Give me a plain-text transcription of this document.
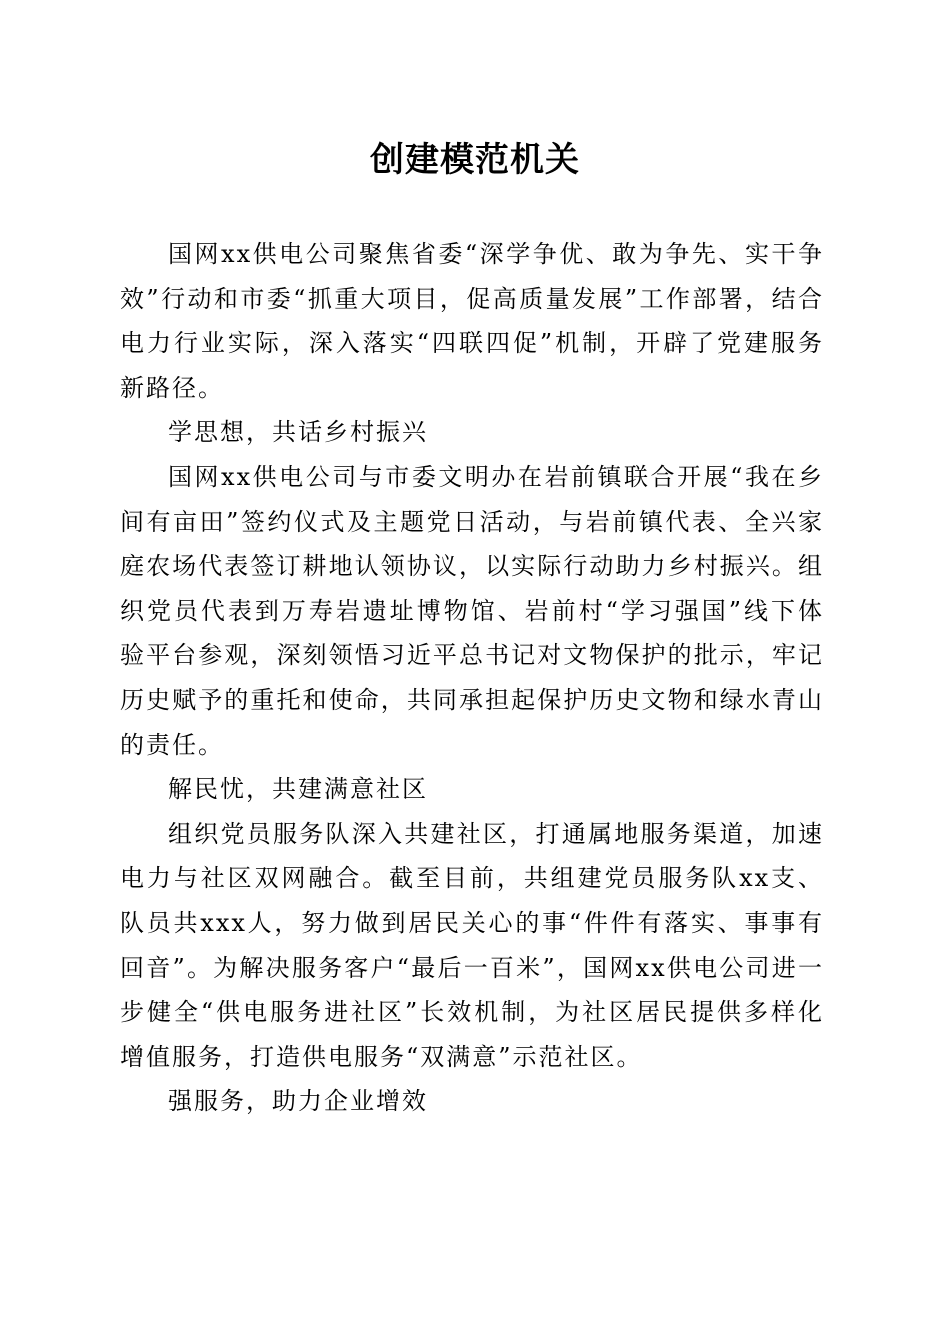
创建模范机关

国网xx供电公司聚焦省委“深学争优、敢为争先、实干争效”行动和市委“抓重大项目，促高质量发展”工作部署，结合电力行业实际，深入落实“四联四促”机制，开辟了党建服务新路径。

学思想，共话乡村振兴

国网xx供电公司与市委文明办在岩前镇联合开展“我在乡间有亩田”签约仪式及主题党日活动，与岩前镇代表、全兴家庭农场代表签订耕地认领协议，以实际行动助力乡村振兴。组织党员代表到万寿岩遗址博物馆、岩前村“学习强国”线下体验平台参观，深刻领悟习近平总书记对文物保护的批示，牢记历史赋予的重托和使命，共同承担起保护历史文物和绿水青山的责任。

解民忧，共建满意社区

组织党员服务队深入共建社区，打通属地服务渠道，加速电力与社区双网融合。截至目前，共组建党员服务队xx支、队员共xxx人，努力做到居民关心的事“件件有落实、事事有回音”。为解决服务客户“最后一百米”，国网xx供电公司进一步健全“供电服务进社区”长效机制，为社区居民提供多样化增值服务，打造供电服务“双满意”示范社区。

强服务，助力企业增效
